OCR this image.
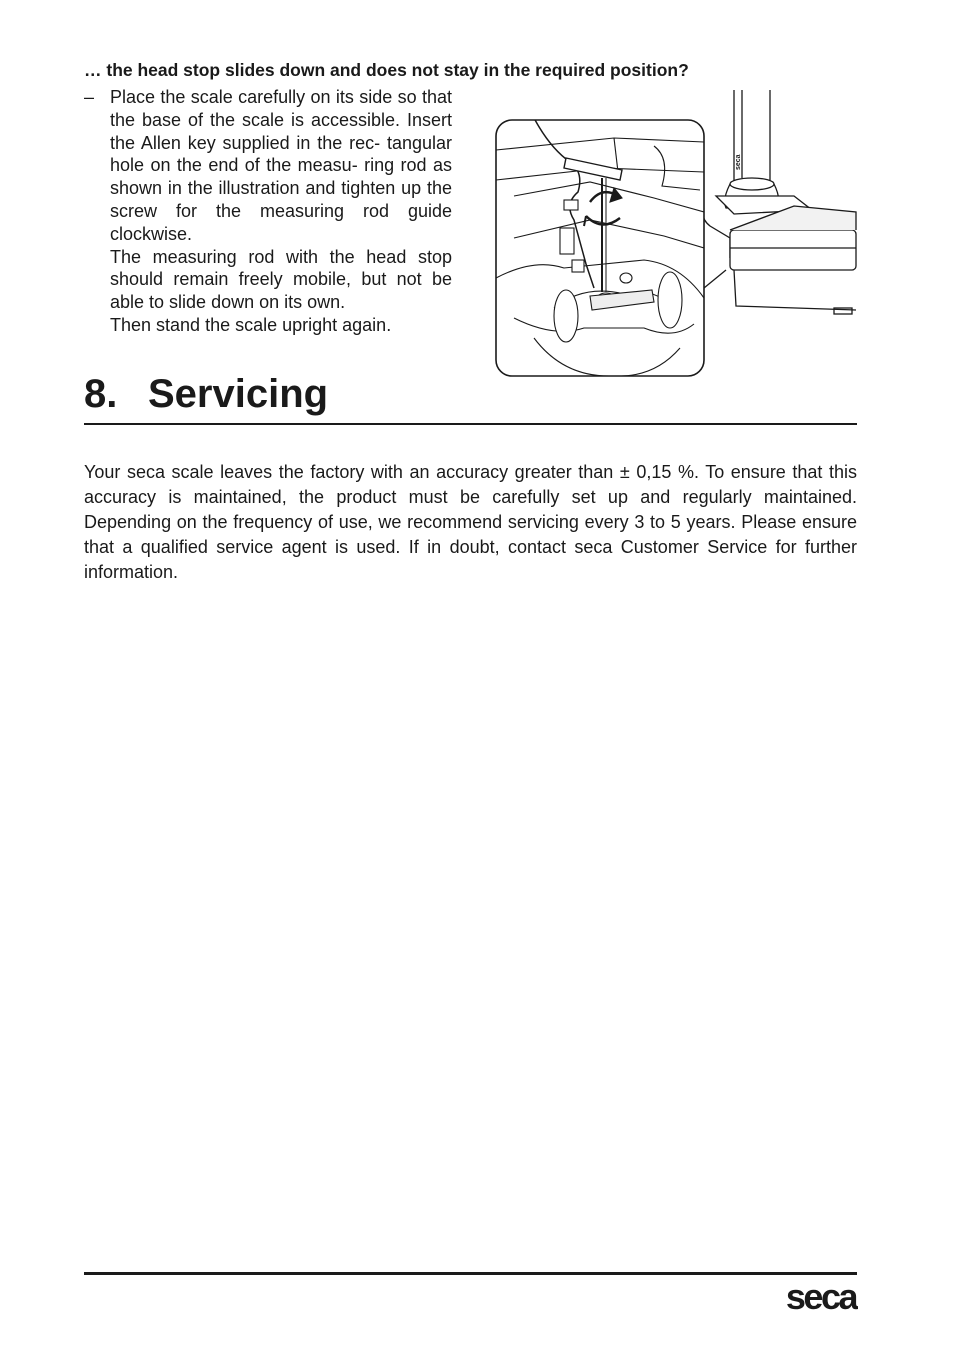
… the head stop slides down and does not stay in the required position?
– Place the scale carefully on its side so that the base of the scale is accessible. Insert the Allen key supplied in the rec- tangular hole on the end of the measu- ring rod as shown in the illustration and tighten up the screw for the measuring rod guide clockwise.

The measuring rod with the head stop should remain freely mobile, but not be able to slide down on its own.

Then stand the scale upright again.

seca
8. Servicing

Your seca scale leaves the factory with an accuracy greater than ± 0,15 %. To ensure that this accuracy is maintained, the product must be carefully set up and regularly maintained. Depending on the frequency of use, we recommend servicing every 3 to 5 years. Please ensure that a qualified service agent is used. If in doubt, contact seca Customer Service for further information.

seca
